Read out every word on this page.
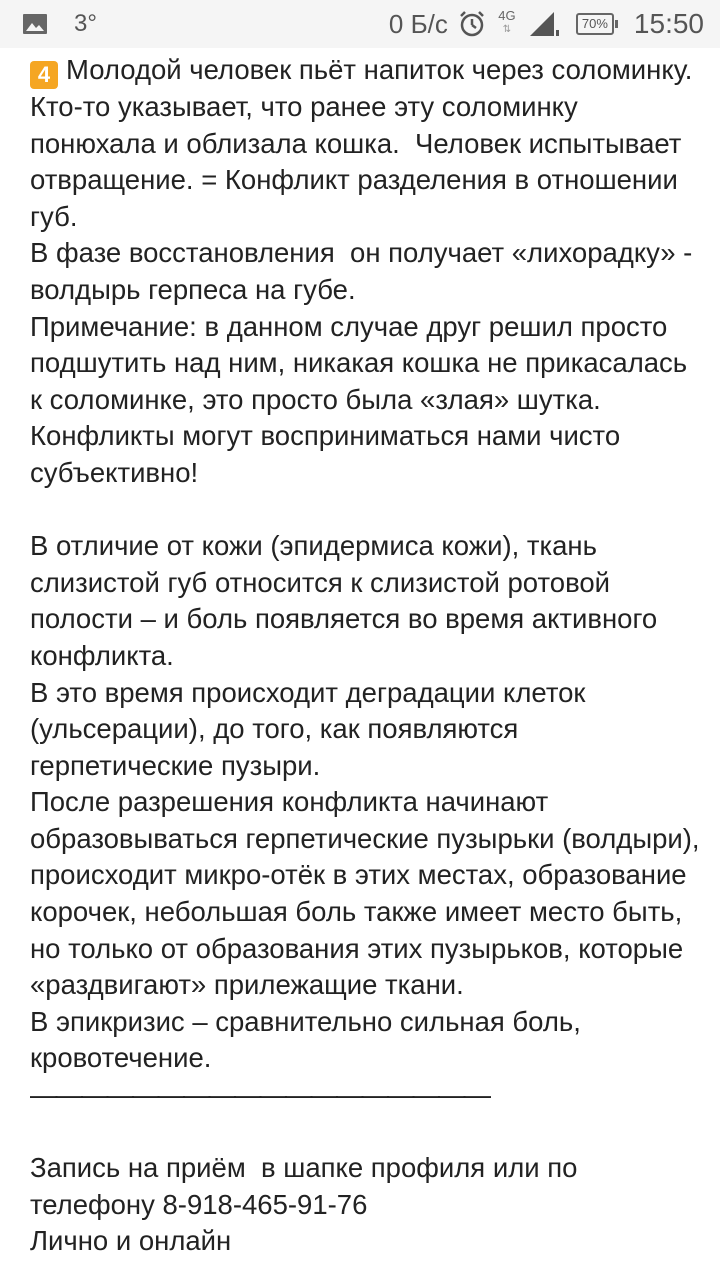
3°	0 Б/с	4G
⇅	70% 15:50

4 Молодой человек пьёт напиток через соломинку.

Кто-то указывает, что ранее эту соломинку понюхала и облизала кошка.  Человек испытывает отвращение. = Конфликт разделения в отношении губ.

В фазе восстановления  он получает «лихорадку» - волдырь герпеса на губе.

Примечание: в данном случае друг решил просто подшутить над ним, никакая кошка не прикасалась к соломинке, это просто была «злая» шутка. Конфликты могут восприниматься нами чисто субъективно!

В отличие от кожи (эпидермиса кожи), ткань слизистой губ относится к слизистой ротовой полости – и боль появляется во время активного конфликта.

В это время происходит деградации клеток (ульсерации), до того, как появляются герпетические пузыри.

После разрешения конфликта начинают образовываться герпетические пузырьки (волдыри), происходит микро-отёк в этих местах, образование корочек, небольшая боль также имеет место быть, но только от образования этих пузырьков, которые «раздвигают» прилежащие ткани.

В эпикризис – сравнительно сильная боль, кровотечение.

——————————————————

Запись на приём  в шапке профиля или по телефону 8-918-465-91-76

Лично и онлайн
